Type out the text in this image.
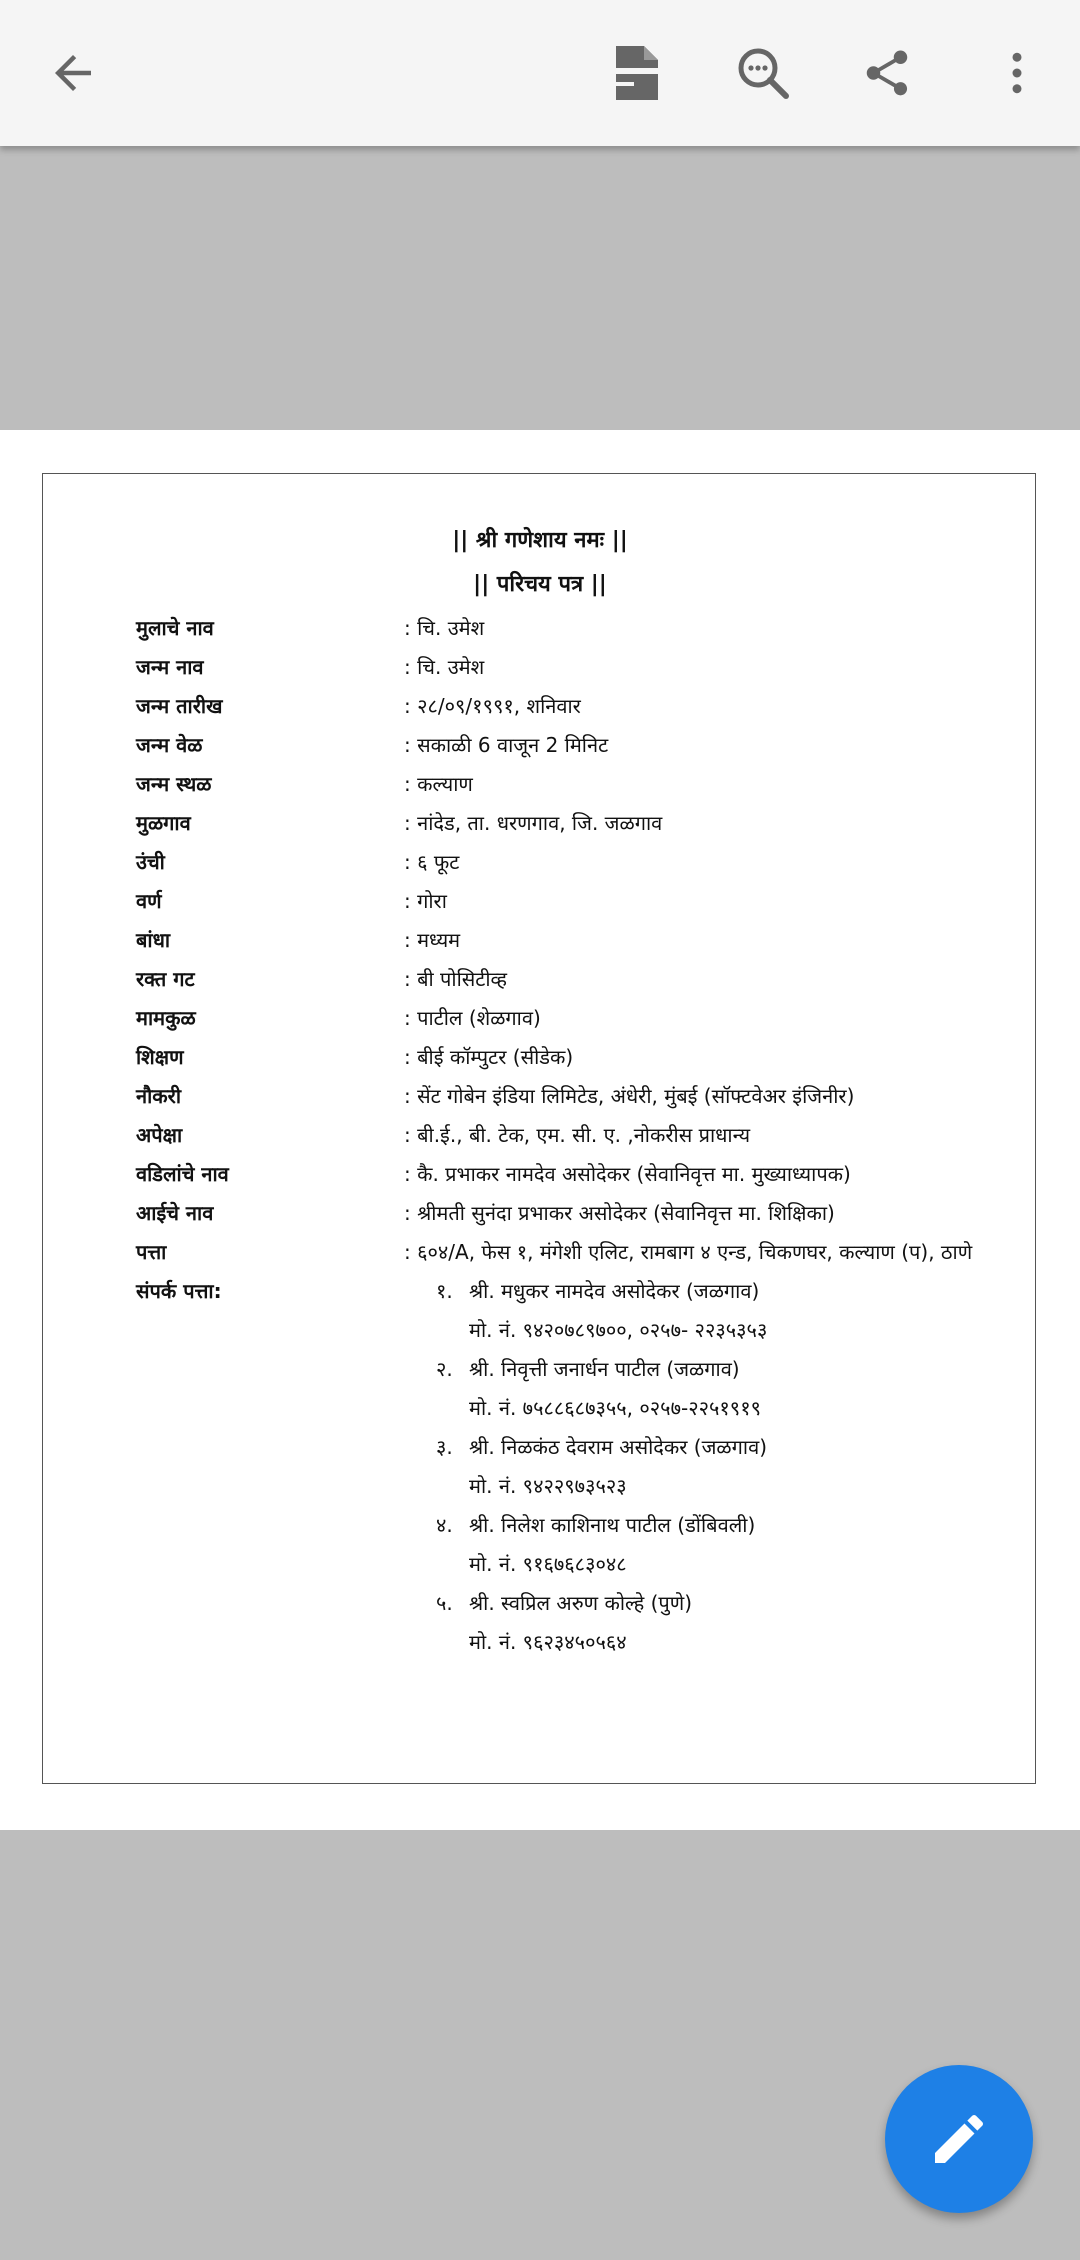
|| श्री गणेशाय नमः ||
|| परिचय पत्र ||
मुलाचे नाव	: चि. उमेश
जन्म नाव	: चि. उमेश
जन्म तारीख	: २८/०९/१९९१, शनिवार
जन्म वेळ	: सकाळी 6 वाजून 2 मिनिट
जन्म स्थळ	: कल्याण
मुळगाव	: नांदेड, ता. धरणगाव, जि. जळगाव
उंची	: ६ फूट
वर्ण	: गोरा
बांधा	: मध्यम
रक्त गट	: बी पोसिटीव्ह
मामकुळ	: पाटील (शेळगाव)
शिक्षण	: बीई कॉम्पुटर (सीडेक)
नौकरी	: सेंट गोबेन इंडिया लिमिटेड, अंधेरी, मुंबई (सॉफ्टवेअर इंजिनीर)
अपेक्षा	: बी.ई., बी. टेक, एम. सी. ए. ,नोकरीस प्राधान्य
वडिलांचे नाव	: कै. प्रभाकर नामदेव असोदेकर (सेवानिवृत्त मा. मुख्याध्यापक)
आईचे नाव	: श्रीमती सुनंदा प्रभाकर असोदेकर (सेवानिवृत्त मा. शिक्षिका)
पत्ता	: ६०४/A, फेस १, मंगेशी एलिट, रामबाग ४ एन्ड, चिकणघर, कल्याण (प), ठाणे
संपर्क पत्ता:	१. श्री. मधुकर नामदेव असोदेकर (जळगाव)
मो. नं. ९४२०७८९७००, ०२५७- २२३५३५३
२. श्री. निवृत्ती जनार्धन पाटील (जळगाव)
मो. नं. ७५८८६८७३५५, ०२५७-२२५१९१९
३. श्री. निळकंठ देवराम असोदेकर (जळगाव)
मो. नं. ९४२२९७३५२३
४. श्री. निलेश काशिनाथ पाटील (डोंबिवली)
मो. नं. ९१६७६८३०४८
५. श्री. स्वप्रिल अरुण कोल्हे (पुणे)
मो. नं. ९६२३४५०५६४
